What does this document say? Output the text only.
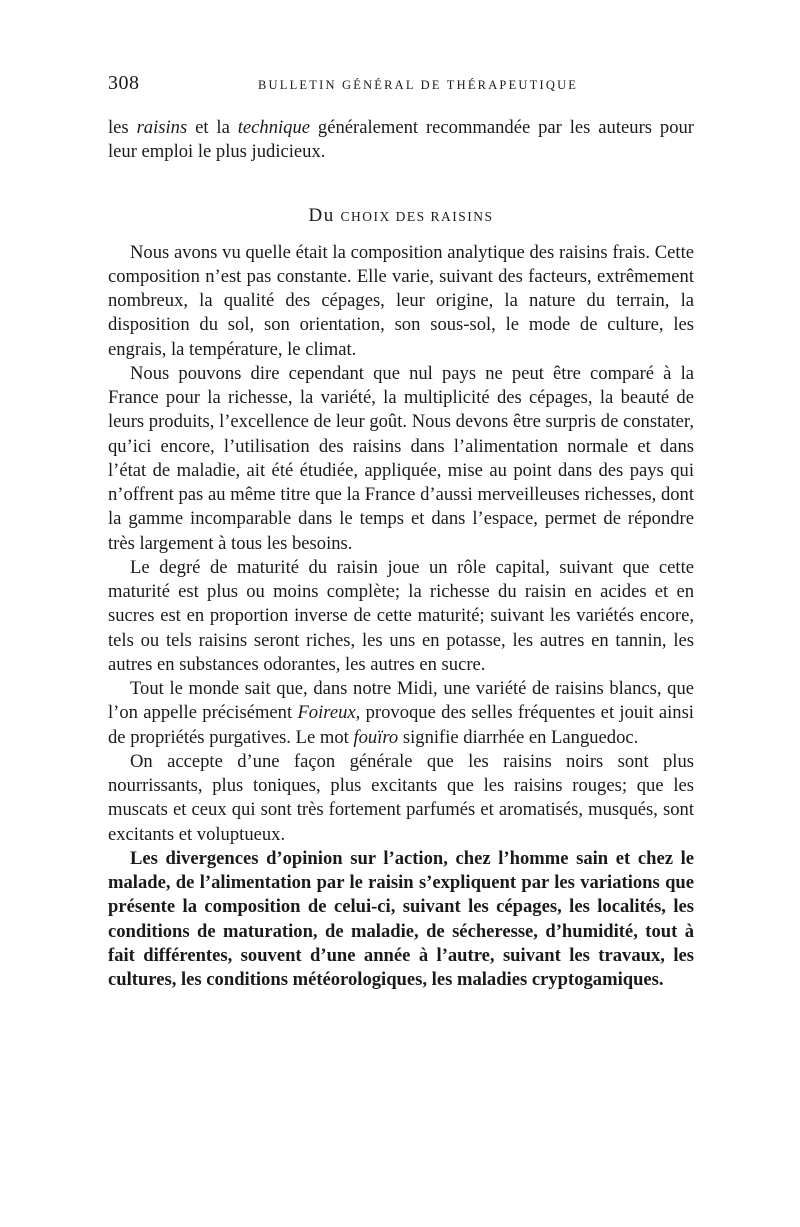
308	BULLETIN GÉNÉRAL DE THÉRAPEUTIQUE

les raisins et la technique généralement recommandée par les auteurs pour leur emploi le plus judicieux.

Du CHOIX DES RAISINS

Nous avons vu quelle était la composition analytique des raisins frais. Cette composition n’est pas constante. Elle varie, suivant des facteurs, extrêmement nombreux, la qualité des cépages, leur origine, la nature du terrain, la disposition du sol, son orientation, son sous-sol, le mode de culture, les engrais, la température, le climat.

Nous pouvons dire cependant que nul pays ne peut être comparé à la France pour la richesse, la variété, la multiplicité des cépages, la beauté de leurs produits, l’excellence de leur goût. Nous devons être surpris de constater, qu’ici encore, l’utilisation des raisins dans l’alimentation normale et dans l’état de maladie, ait été étudiée, appliquée, mise au point dans des pays qui n’offrent pas au même titre que la France d’aussi merveilleuses richesses, dont la gamme incomparable dans le temps et dans l’espace, permet de répondre très largement à tous les besoins.

Le degré de maturité du raisin joue un rôle capital, suivant que cette maturité est plus ou moins complète; la richesse du raisin en acides et en sucres est en proportion inverse de cette maturité; suivant les variétés encore, tels ou tels raisins seront riches, les uns en potasse, les autres en tannin, les autres en substances odorantes, les autres en sucre.

Tout le monde sait que, dans notre Midi, une variété de raisins blancs, que l’on appelle précisément Foireux, provoque des selles fréquentes et jouit ainsi de propriétés purgatives. Le mot fouïro signifie diarrhée en Languedoc.

On accepte d’une façon générale que les raisins noirs sont plus nourrissants, plus toniques, plus excitants que les raisins rouges; que les muscats et ceux qui sont très fortement parfumés et aromatisés, musqués, sont excitants et voluptueux.

Les divergences d’opinion sur l’action, chez l’homme sain et chez le malade, de l’alimentation par le raisin s’expliquent par les variations que présente la composition de celui-ci, suivant les cépages, les localités, les conditions de maturation, de maladie, de sécheresse, d’humidité, tout à fait différentes, souvent d’une année à l’autre, suivant les travaux, les cultures, les conditions météorologiques, les maladies cryptogamiques.
